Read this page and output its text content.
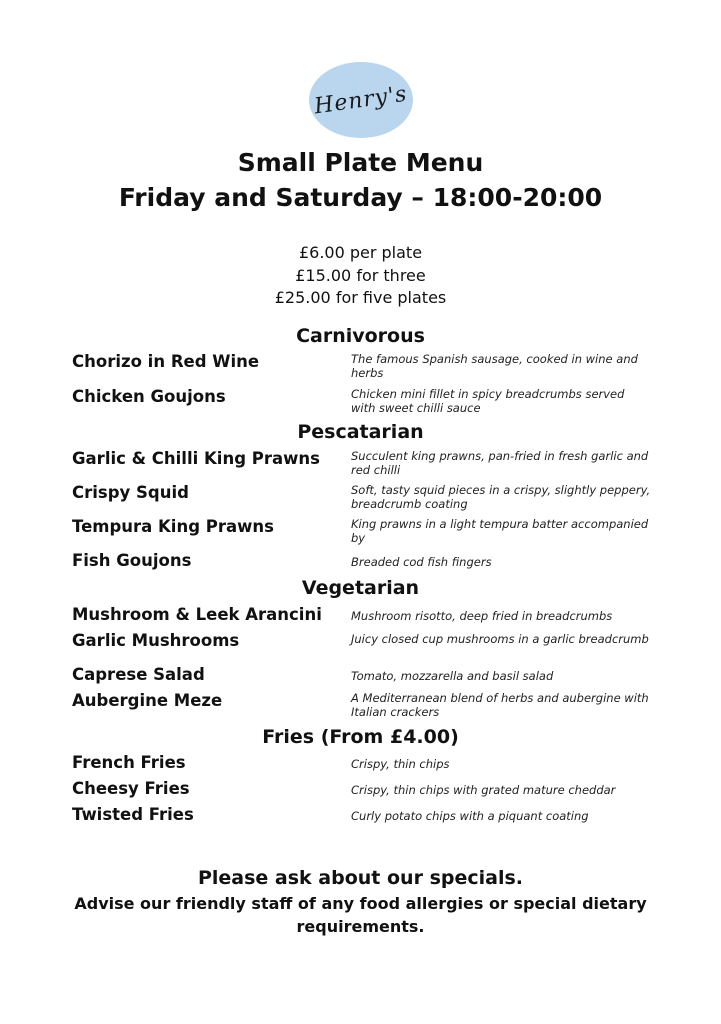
Henry's
Small Plate Menu
Friday and Saturday – 18:00-20:00
£6.00 per plate
£15.00 for three
£25.00 for five plates
Carnivorous
Chorizo in Red Wine	The famous Spanish sausage, cooked in wine and herbs
Chicken Goujons	Chicken mini fillet in spicy breadcrumbs served with sweet chilli sauce
Pescatarian
Garlic & Chilli King Prawns	Succulent king prawns, pan-fried in fresh garlic and red chilli
Crispy Squid	Soft, tasty squid pieces in a crispy, slightly peppery, breadcrumb coating
Tempura King Prawns	King prawns in a light tempura batter accompanied by
Fish Goujons	Breaded cod fish fingers
Vegetarian
Mushroom & Leek Arancini	Mushroom risotto, deep fried in breadcrumbs
Garlic Mushrooms	Juicy closed cup mushrooms in a garlic breadcrumb
Caprese Salad	Tomato, mozzarella and basil salad
Aubergine Meze	A Mediterranean blend of herbs and aubergine with Italian crackers
Fries (From £4.00)
French Fries	Crispy, thin chips
Cheesy Fries	Crispy, thin chips with grated mature cheddar
Twisted Fries	Curly potato chips with a piquant coating
Please ask about our specials.
Advise our friendly staff of any food allergies or special dietary requirements.
